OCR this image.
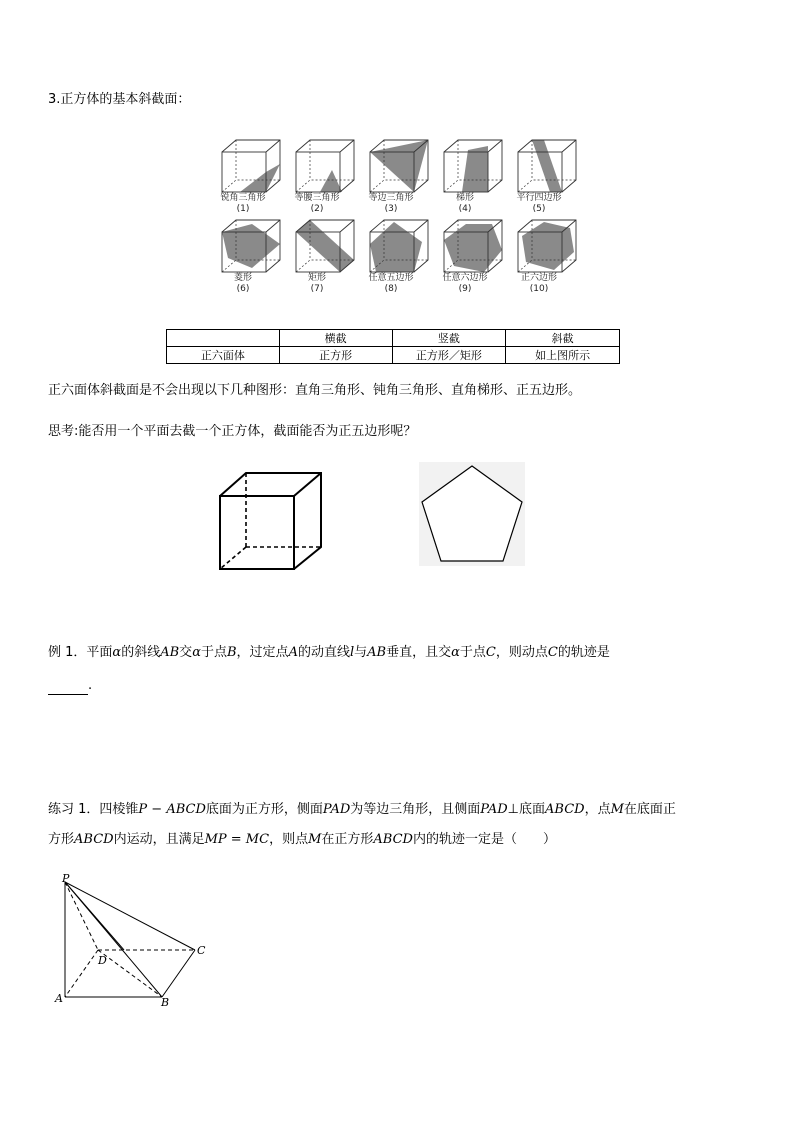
3.正方体的基本斜截面：
锐角三角形
(1)
等腰三角形
(2)
等边三角形
(3)
梯形
(4)
平行四边形
(5)
菱形
(6)
矩形
(7)
任意五边形
(8)
任意六边形
(9)
正六边形
(10)
	横截	竖截	斜截
正六面体	正方形	正方形／矩形	如上图所示
正六面体斜截面是不会出现以下几种图形：直角三角形、钝角三角形、直角梯形、正五边形。
思考:能否用一个平面去截一个正方体，截面能否为正五边形呢？
例 1．平面α的斜线AB交α于点B，过定点A的动直线l与AB垂直，且交α于点C，则动点C的轨迹是
.
练习 1．四棱锥P − ABCD底面为正方形，侧面PAD为等边三角形，且侧面PAD⊥底面ABCD，点M在底面正
方形ABCD内运动，且满足MP = MC，则点M在正方形ABCD内的轨迹一定是（　　）
P
D
C
A	B
